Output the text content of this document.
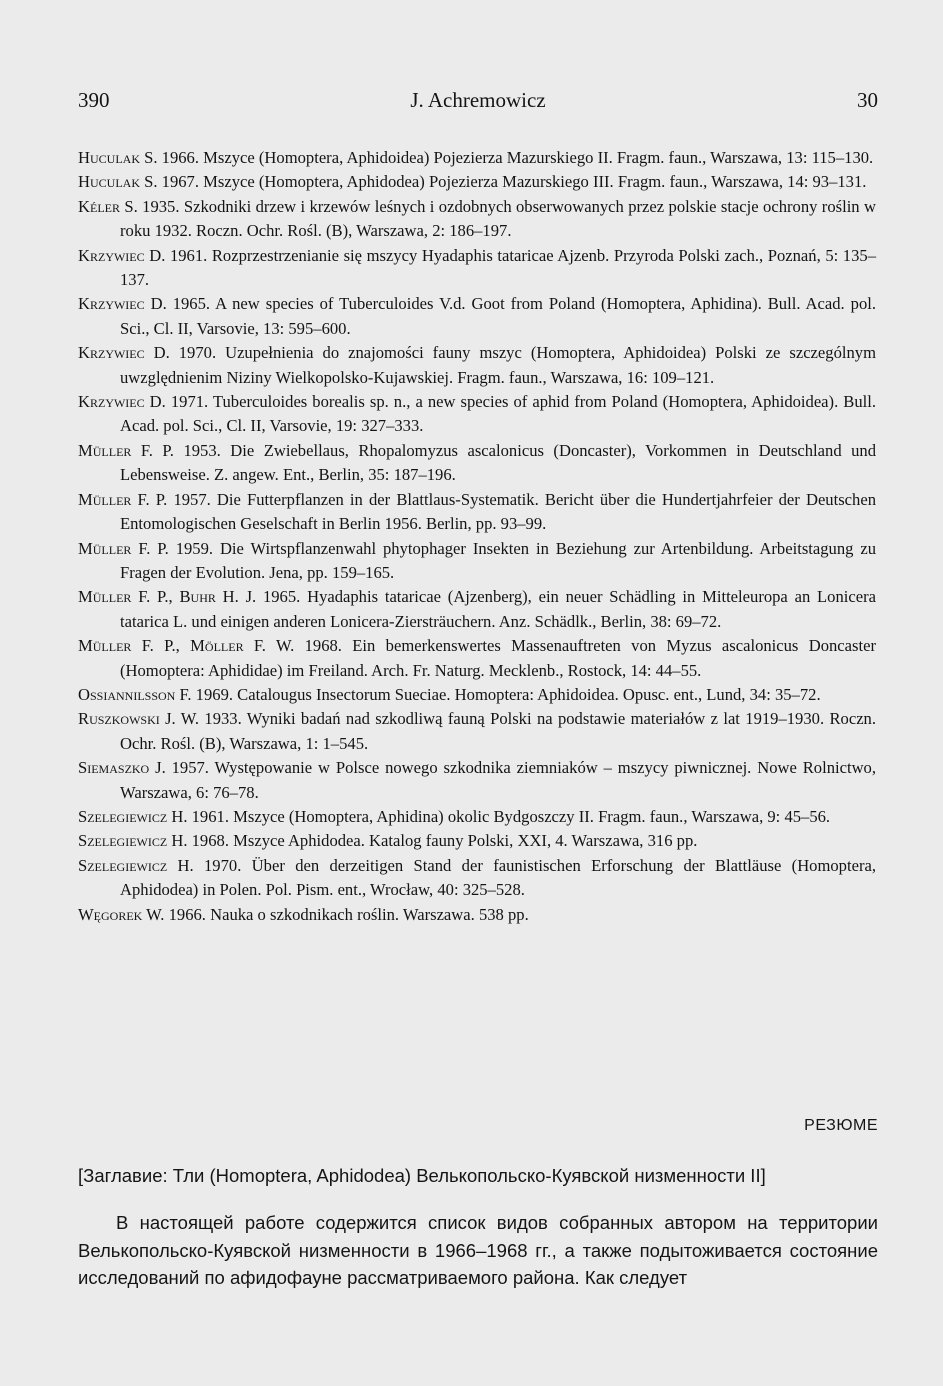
390	J. Achremowicz	30
Huculak S. 1966. Mszyce (Homoptera, Aphidoidea) Pojezierza Mazurskiego II. Fragm. faun., Warszawa, 13: 115–130.
Huculak S. 1967. Mszyce (Homoptera, Aphidodea) Pojezierza Mazurskiego III. Fragm. faun., Warszawa, 14: 93–131.
Kéler S. 1935. Szkodniki drzew i krzewów leśnych i ozdobnych obserwowanych przez polskie stacje ochrony roślin w roku 1932. Roczn. Ochr. Rośl. (B), Warszawa, 2: 186–197.
Krzywiec D. 1961. Rozprzestrzenianie się mszycy Hyadaphis tataricae Ajzenb. Przyroda Polski zach., Poznań, 5: 135–137.
Krzywiec D. 1965. A new species of Tuberculoides V.d. Goot from Poland (Homoptera, Aphidina). Bull. Acad. pol. Sci., Cl. II, Varsovie, 13: 595–600.
Krzywiec D. 1970. Uzupełnienia do znajomości fauny mszyc (Homoptera, Aphidoidea) Polski ze szczególnym uwzględnienim Niziny Wielkopolsko-Kujawskiej. Fragm. faun., Warszawa, 16: 109–121.
Krzywiec D. 1971. Tuberculoides borealis sp. n., a new species of aphid from Poland (Homoptera, Aphidoidea). Bull. Acad. pol. Sci., Cl. II, Varsovie, 19: 327–333.
Müller F. P. 1953. Die Zwiebellaus, Rhopalomyzus ascalonicus (Doncaster), Vorkommen in Deutschland und Lebensweise. Z. angew. Ent., Berlin, 35: 187–196.
Müller F. P. 1957. Die Futterpflanzen in der Blattlaus-Systematik. Bericht über die Hundertjahrfeier der Deutschen Entomologischen Geselschaft in Berlin 1956. Berlin, pp. 93–99.
Müller F. P. 1959. Die Wirtspflanzenwahl phytophager Insekten in Beziehung zur Artenbildung. Arbeitstagung zu Fragen der Evolution. Jena, pp. 159–165.
Müller F. P., Buhr H. J. 1965. Hyadaphis tataricae (Ajzenberg), ein neuer Schädling in Mitteleuropa an Lonicera tatarica L. und einigen anderen Lonicera-Ziersträuchern. Anz. Schädlk., Berlin, 38: 69–72.
Müller F. P., Möller F. W. 1968. Ein bemerkenswertes Massenauftreten von Myzus ascalonicus Doncaster (Homoptera: Aphididae) im Freiland. Arch. Fr. Naturg. Mecklenb., Rostock, 14: 44–55.
Ossiannilsson F. 1969. Catalougus Insectorum Sueciae. Homoptera: Aphidoidea. Opusc. ent., Lund, 34: 35–72.
Ruszkowski J. W. 1933. Wyniki badań nad szkodliwą fauną Polski na podstawie materiałów z lat 1919–1930. Roczn. Ochr. Rośl. (B), Warszawa, 1: 1–545.
Siemaszko J. 1957. Występowanie w Polsce nowego szkodnika ziemniaków – mszycy piwnicznej. Nowe Rolnictwo, Warszawa, 6: 76–78.
Szelegiewicz H. 1961. Mszyce (Homoptera, Aphidina) okolic Bydgoszczy II. Fragm. faun., Warszawa, 9: 45–56.
Szelegiewicz H. 1968. Mszyce Aphidodea. Katalog fauny Polski, XXI, 4. Warszawa, 316 pp.
Szelegiewicz H. 1970. Über den derzeitigen Stand der faunistischen Erforschung der Blattläuse (Homoptera, Aphidodea) in Polen. Pol. Pism. ent., Wrocław, 40: 325–528.
Węgorek W. 1966. Nauka o szkodnikach roślin. Warszawa. 538 pp.
РЕЗЮМЕ
[Заглавие: Тли (Homoptera, Aphidodea) Велькопольско-Куявской низменности II]
В настоящей работе содержится список видов собранных автором на территории Велькопольско-Куявской низменности в 1966–1968 гг., а также подытоживается состояние исследований по афидофауне рассматриваемого района. Как следует
